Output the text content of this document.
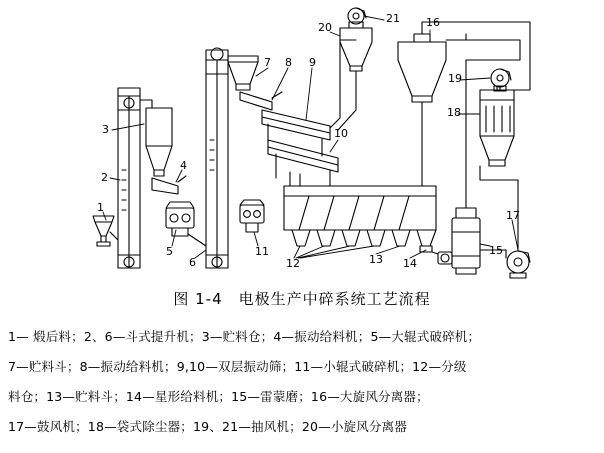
1
2
3
4
5
6
7 8 9
10
11
12	13 14
15
16
17
18
19
20
21
图 1-4　电极生产中碎系统工艺流程
1— 煅后料；2、6—斗式提升机；3—贮料仓；4—振动给料机；5—大辊式破碎机；
7—贮料斗；8—振动给料机；9,10—双层振动筛；11—小辊式破碎机；12—分级
料仓；13—贮料斗；14—星形给料机；15—雷蒙磨；16—大旋风分离器；
17—鼓风机；18—袋式除尘器；19、21—抽风机；20—小旋风分离器
